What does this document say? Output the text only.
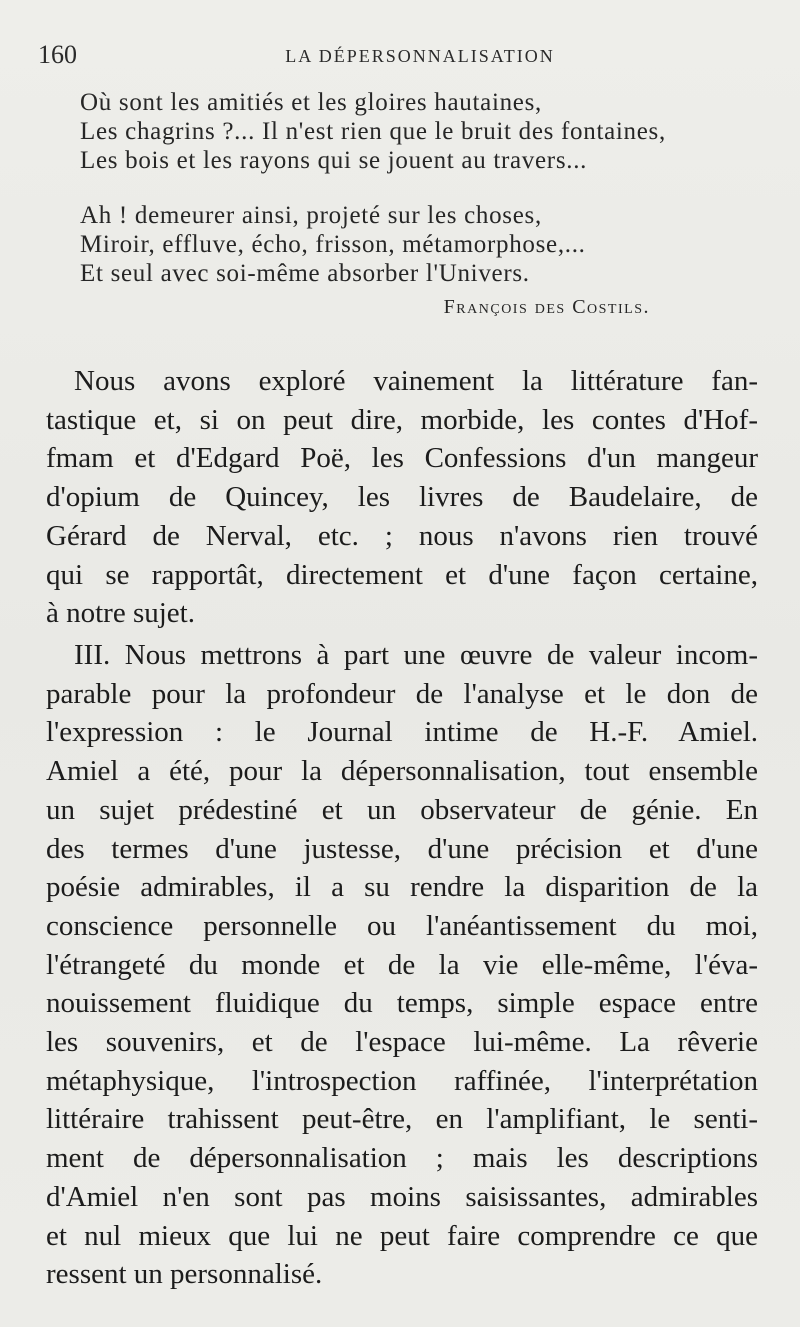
160	LA DÉPERSONNALISATION
Où sont les amitiés et les gloires hautaines,
Les chagrins ?... Il n'est rien que le bruit des fontaines,
Les bois et les rayons qui se jouent au travers...
Ah ! demeurer ainsi, projeté sur les choses,
Miroir, effluve, écho, frisson, métamorphose,...
Et seul avec soi-même absorber l'Univers.
François des Costils.
Nous avons exploré vainement la littérature fan-
tastique et, si on peut dire, morbide, les contes d'Hof-
fmam et d'Edgard Poë, les Confessions d'un mangeur
d'opium de Quincey, les livres de Baudelaire, de
Gérard de Nerval, etc. ; nous n'avons rien trouvé
qui se rapportât, directement et d'une façon certaine,
à notre sujet.
III. Nous mettrons à part une œuvre de valeur incom-
parable pour la profondeur de l'analyse et le don de
l'expression : le Journal intime de H.-F. Amiel.
Amiel a été, pour la dépersonnalisation, tout ensemble
un sujet prédestiné et un observateur de génie. En
des termes d'une justesse, d'une précision et d'une
poésie admirables, il a su rendre la disparition de la
conscience personnelle ou l'anéantissement du moi,
l'étrangeté du monde et de la vie elle-même, l'éva-
nouissement fluidique du temps, simple espace entre
les souvenirs, et de l'espace lui-même. La rêverie
métaphysique, l'introspection raffinée, l'interprétation
littéraire trahissent peut-être, en l'amplifiant, le senti-
ment de dépersonnalisation ; mais les descriptions
d'Amiel n'en sont pas moins saisissantes, admirables
et nul mieux que lui ne peut faire comprendre ce que
ressent un personnalisé.
